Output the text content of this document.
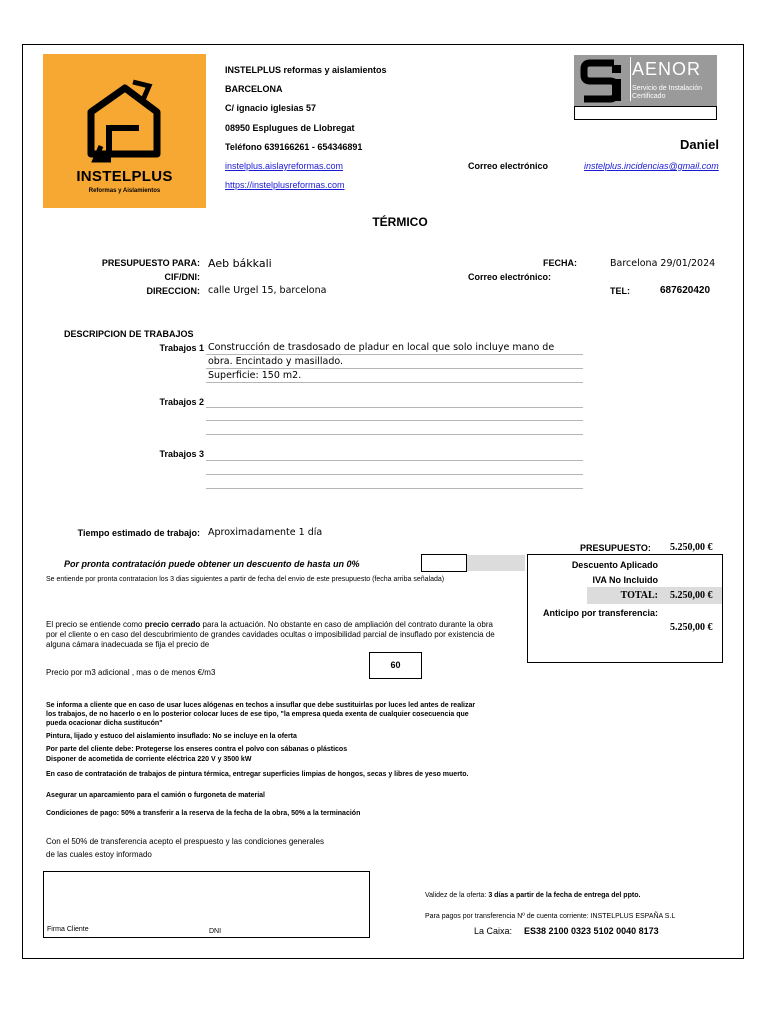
INSTELPLUS
Reformas y Aislamientos
INSTELPLUS reformas y aislamientos
BARCELONA
C/ ignacio iglesias 57
08950 Esplugues de Llobregat
Teléfono 639166261 - 654346891
instelplus.aislayreformas.com
https://instelplusreformas.com
Correo electrónico	instelplus.incidencias@gmail.com
Daniel
AENOR
Servicio de Instalación
Certificado
TÉRMICO
PRESUPUESTO PARA: Aeb bákkali
CIF/DNI:
DIRECCION: calle Urgel 15, barcelona
FECHA:	Barcelona 29/01/2024
Correo electrónico:
TEL:	687620420
DESCRIPCION DE TRABAJOS
Trabajos 1 Construcción de trasdosado de pladur en local que solo incluye mano de
obra. Encintado y masillado.
Superficie: 150 m2.
Trabajos 2
Trabajos 3
Tiempo estimado de trabajo: Aproximadamente 1 día
Por pronta contratación puede obtener un descuento de hasta un 0%
Se entiende por pronta contratacion los 3 dias siguientes a partir de fecha del envio de este presupuesto (fecha arriba señalada)
PRESUPUESTO: 5.250,00 €
Descuento Aplicado
IVA No Incluido
TOTAL: 5.250,00 €
Anticipo por transferencia:
5.250,00 €
El precio se entiende como precio cerrado para la actuación. No obstante en caso de ampliación del contrato durante la obra
por el cliente o en caso del descubrimiento de grandes cavidades ocultas o imposibilidad parcial de insuflado por existencia de
alguna cámara inadecuada se fija el precio de
Precio por m3 adicional , mas o de menos €/m3
60
Se informa a cliente que en caso de usar luces alógenas en techos a insuflar que debe sustituirlas por luces led antes de realizar
los trabajos, de no hacerlo o en lo posterior colocar luces de ese tipo, "la empresa queda exenta de cualquier cosecuencia que
pueda ocacionar dicha sustitucón"
Pintura, lijado y estuco del aislamiento insuflado: No se incluye en la oferta
Por parte del cliente debe: Protegerse los enseres contra el polvo con sábanas o plásticos
Disponer de acometida de corriente eléctrica 220 V y 3500 kW
En caso de contratación de trabajos de pintura térmica, entregar superficies limpias de hongos, secas y libres de yeso muerto.
Asegurar un aparcamiento para el camión o furgoneta de material
Condiciones de pago: 50% a transferir a la reserva de la fecha de la obra, 50% a la terminación
Con el 50% de transferencia acepto el prespuesto y las condiciones generales
de las cuales estoy informado
Firma Cliente	DNI
Validez de la oferta: 3 días a partir de la fecha de entrega del ppto.
Para pagos por transferencia Nº de cuenta corriente: INSTELPLUS ESPAÑA S.L
La Caixa: ES38 2100 0323 5102 0040 8173
